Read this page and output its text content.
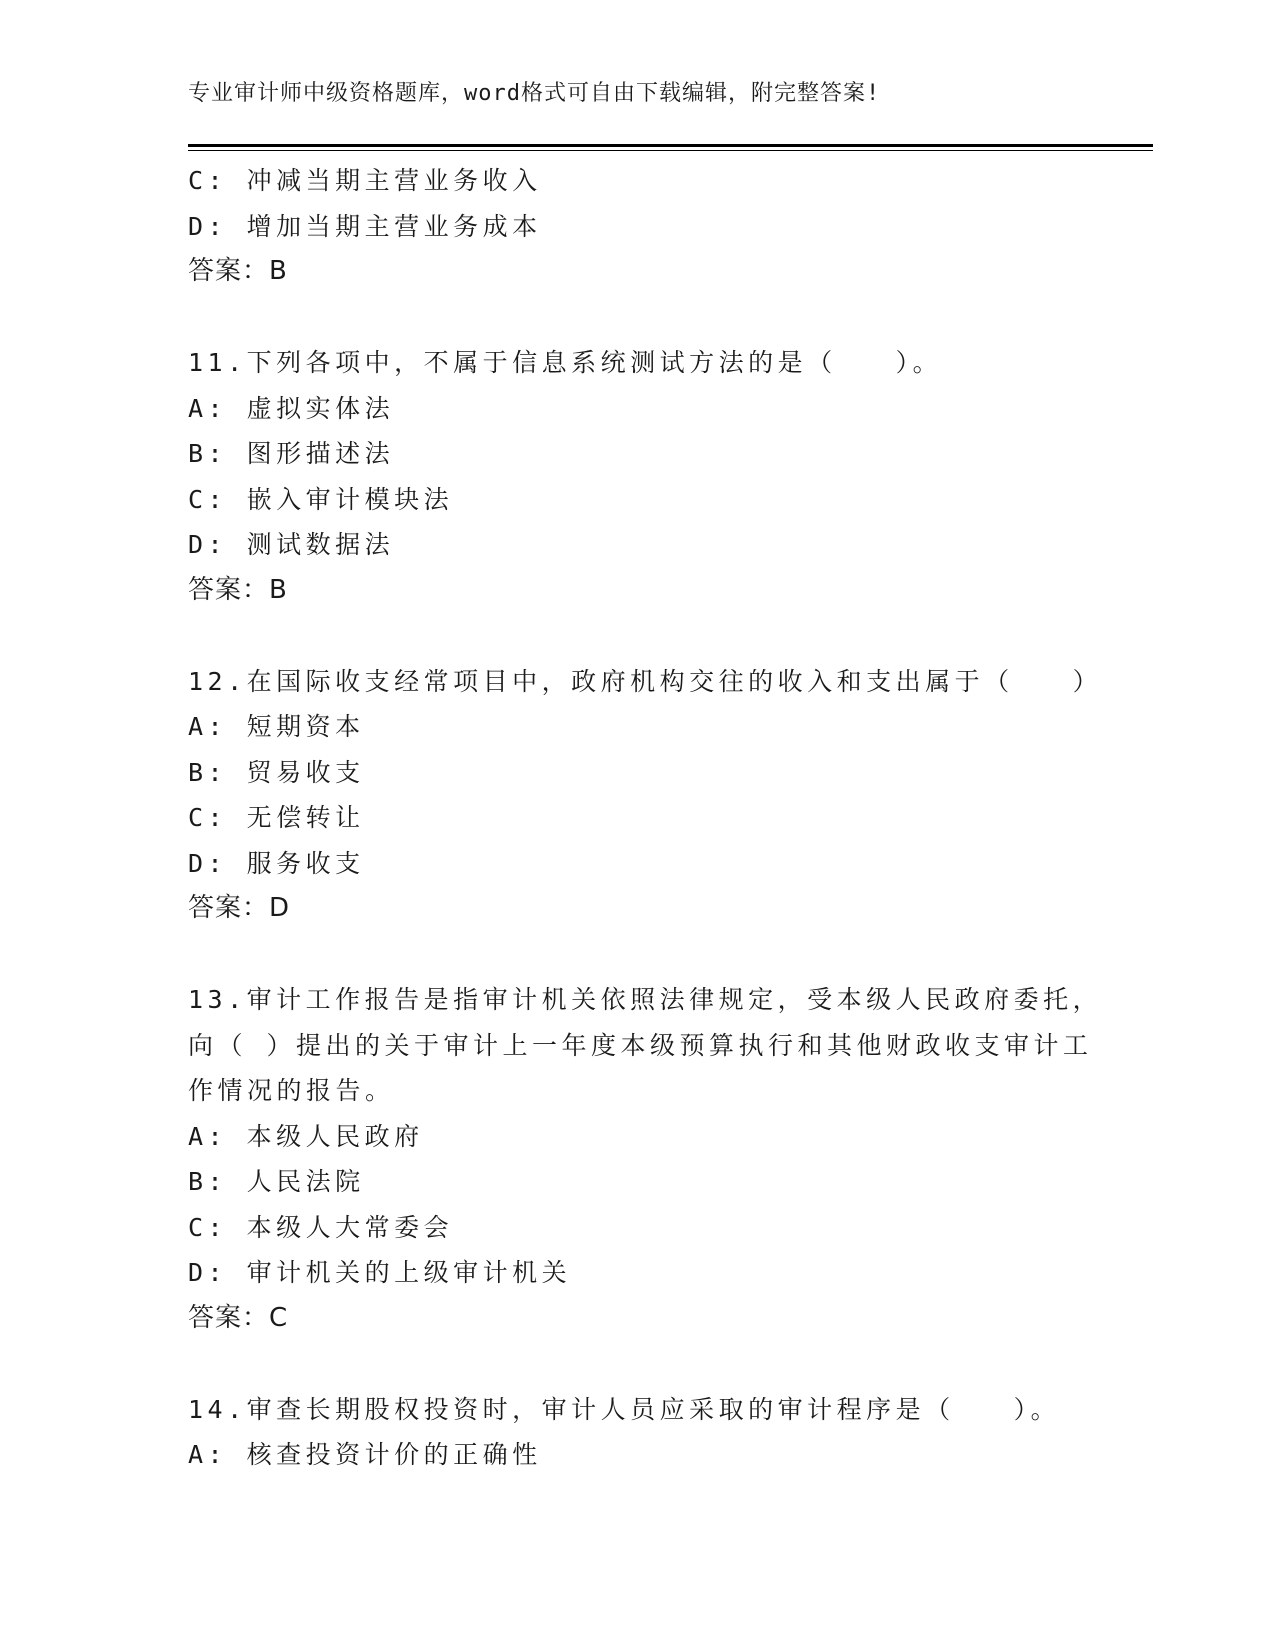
专业审计师中级资格题库，word格式可自由下载编辑，附完整答案!
C: 冲减当期主营业务收入
D: 增加当期主营业务成本
答案：B
11.下列各项中，不属于信息系统测试方法的是（　　）。
A: 虚拟实体法
B: 图形描述法
C: 嵌入审计模块法
D: 测试数据法
答案：B
12.在国际收支经常项目中，政府机构交往的收入和支出属于（　　）
A: 短期资本
B: 贸易收支
C: 无偿转让
D: 服务收支
答案：D
13.审计工作报告是指审计机关依照法律规定，受本级人民政府委托，
向（ ）提出的关于审计上一年度本级预算执行和其他财政收支审计工
作情况的报告。
A: 本级人民政府
B: 人民法院
C: 本级人大常委会
D: 审计机关的上级审计机关
答案：C
14.审查长期股权投资时，审计人员应采取的审计程序是（　　）。
A: 核查投资计价的正确性
